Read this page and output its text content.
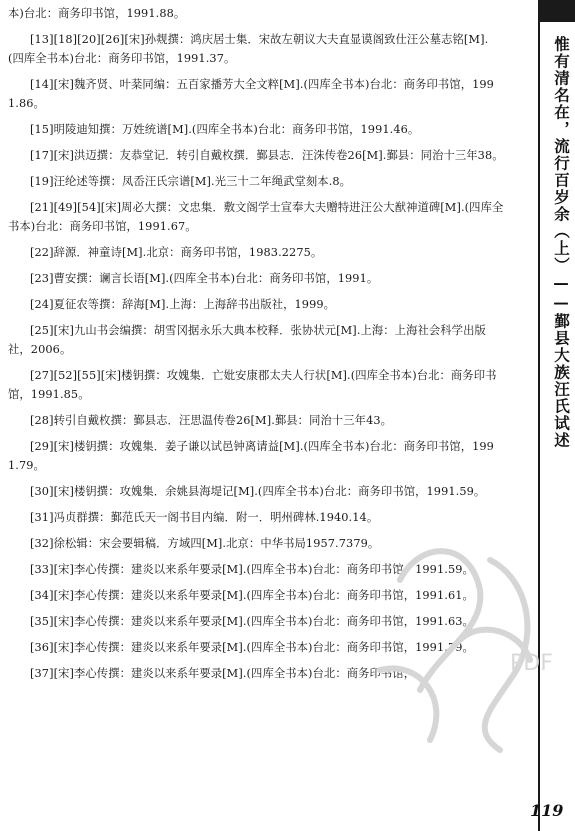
本)台北：商务印书馆，1991.88。

[13][18][20][26][宋]孙觌撰：鸿庆居士集．宋故左朝议大夫直显谟阁致仕汪公墓志铭[M].(四库全书本)台北：商务印书馆，1991.37。

[14][宋]魏齐贤、叶棻同编：五百家播芳大全文粹[M].(四库全书本)台北：商务印书馆，1991.86。

[15]明陵迪知撰：万姓统谱[M].(四库全书本)台北：商务印书馆，1991.46。

[17][宋]洪迈撰：友恭堂记．转引自戴枚撰．鄞县志．汪洙传卷26[M].鄞县：同治十三年38。

[19]汪纶述等撰：凤岙汪氏宗谱[M].光三十二年绳武堂刻本.8。

[21][49][54][宋]周必大撰：文忠集．敷文阁学士宣奉大夫赠特进汪公大猷神道碑[M].(四库全书本)台北：商务印书馆，1991.67。

[22]辞源．神童诗[M].北京：商务印书馆，1983.2275。

[23]曹安撰：谰言长语[M].(四库全书本)台北：商务印书馆，1991。

[24]夏征农等撰：辞海[M].上海：上海辞书出版社，1999。

[25][宋]九山书会编撰：胡雪冈据永乐大典本校释．张协状元[M].上海：上海社会科学出版社，2006。

[27][52][55][宋]楼钥撰：攻媿集．亡妣安康郡太夫人行状[M].(四库全书本)台北：商务印书馆，1991.85。

[28]转引自戴枚撰：鄞县志．汪思温传卷26[M].鄞县：同治十三年43。

[29][宋]楼钥撰：攻媿集．姜子谦以试邑钟离请益[M].(四库全书本)台北：商务印书馆，1991.79。

[30][宋]楼钥撰：攻媿集．余姚县海堤记[M].(四库全书本)台北：商务印书馆，1991.59。

[31]冯贞群撰：鄞范氏天一阁书目内编．附一．明州碑林.1940.14。

[32]徐松辑：宋会要辑稿．方域四[M].北京：中华书局1957.7379。

[33][宋]李心传撰：建炎以来系年要录[M].(四库全书本)台北：商务印书馆，1991.59。

[34][宋]李心传撰：建炎以来系年要录[M].(四库全书本)台北：商务印书馆，1991.61。

[35][宋]李心传撰：建炎以来系年要录[M].(四库全书本)台北：商务印书馆，1991.63。

[36][宋]李心传撰：建炎以来系年要录[M].(四库全书本)台北：商务印书馆，1991.79。

[37][宋]李心传撰：建炎以来系年要录[M].(四库全书本)台北：商务印书馆，

惟有清名在，流行百岁余（上）——鄞县大族汪氏试述
119
PDF
